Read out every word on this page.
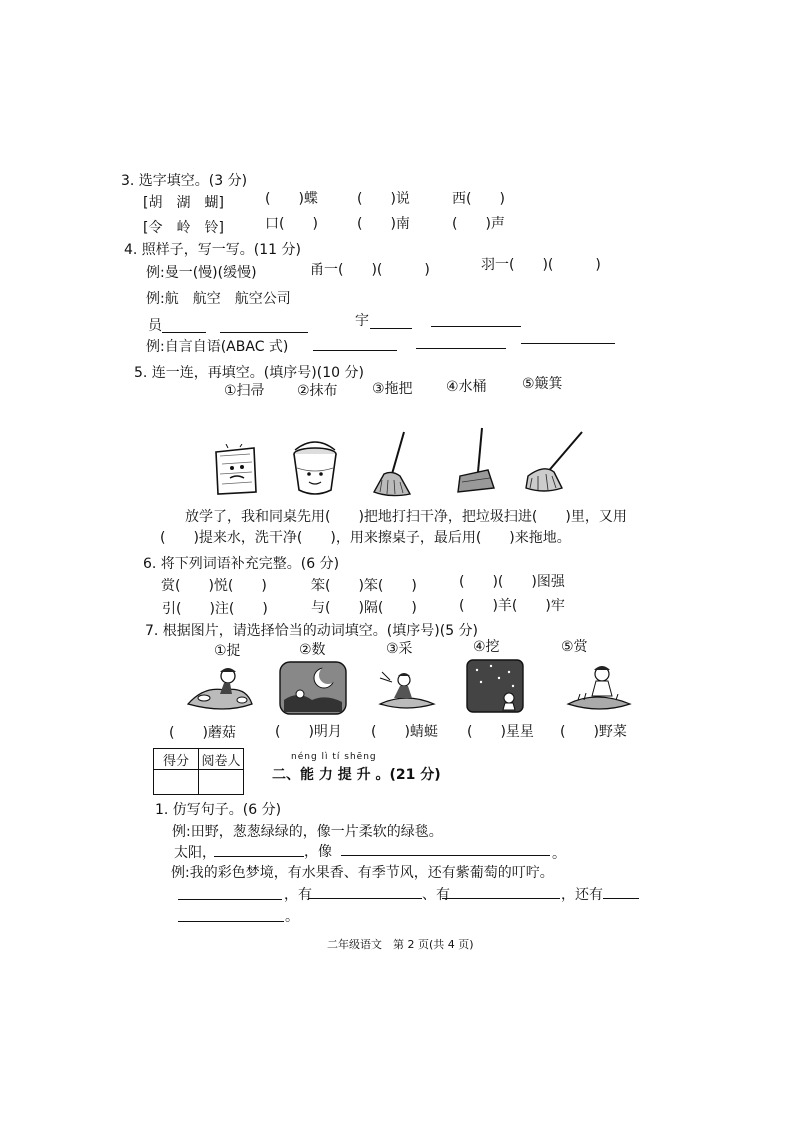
3. 选字填空。(3 分)
[胡　湖　蝴]	(　　)蝶	(　　)说	西(　　)
[令　岭　铃]	口(　　)	(　　)南	(　　)声
4. 照样子，写一写。(11 分)
例:曼一(慢)(缓慢)	甬一(　　)(　　　)	羽一(　　)(　　　)
例:航　航空　航空公司
员	宇
例:自言自语(ABAC 式)
5. 连一连，再填空。(填序号)(10 分)
①扫帚 ②抹布 ③拖把 ④水桶	⑤簸箕
放学了，我和同桌先用(　　)把地打扫干净，把垃圾扫进(　　)里，又用
(　　)提来水，洗干净(　　)，用来擦桌子，最后用(　　)来拖地。
6. 将下列词语补充完整。(6 分)
赏(　　)悦(　　)	笨(　　)笨(　　)	(　　)(　　)图强
引(　　)注(　　)	与(　　)隔(　　)	(　　)羊(　　)牢
7. 根据图片，请选择恰当的动词填空。(填序号)(5 分)
①捉	②数	③采	④挖	⑤赏
(　　)蘑菇	(　　)明月 (　　)蜻蜓 (　　)星星 (　　)野菜
得分	阅卷人
		néng lì tí shēng
二、能 力 提 升 。(21 分)
1. 仿写句子。(6 分)
例:田野，葱葱绿绿的，像一片柔软的绿毯。
太阳，	，像	。
例:我的彩色梦境，有水果香、有季节风，还有紫葡萄的叮咛。
，有	、有	，还有
。
二年级语文　第 2 页(共 4 页)
